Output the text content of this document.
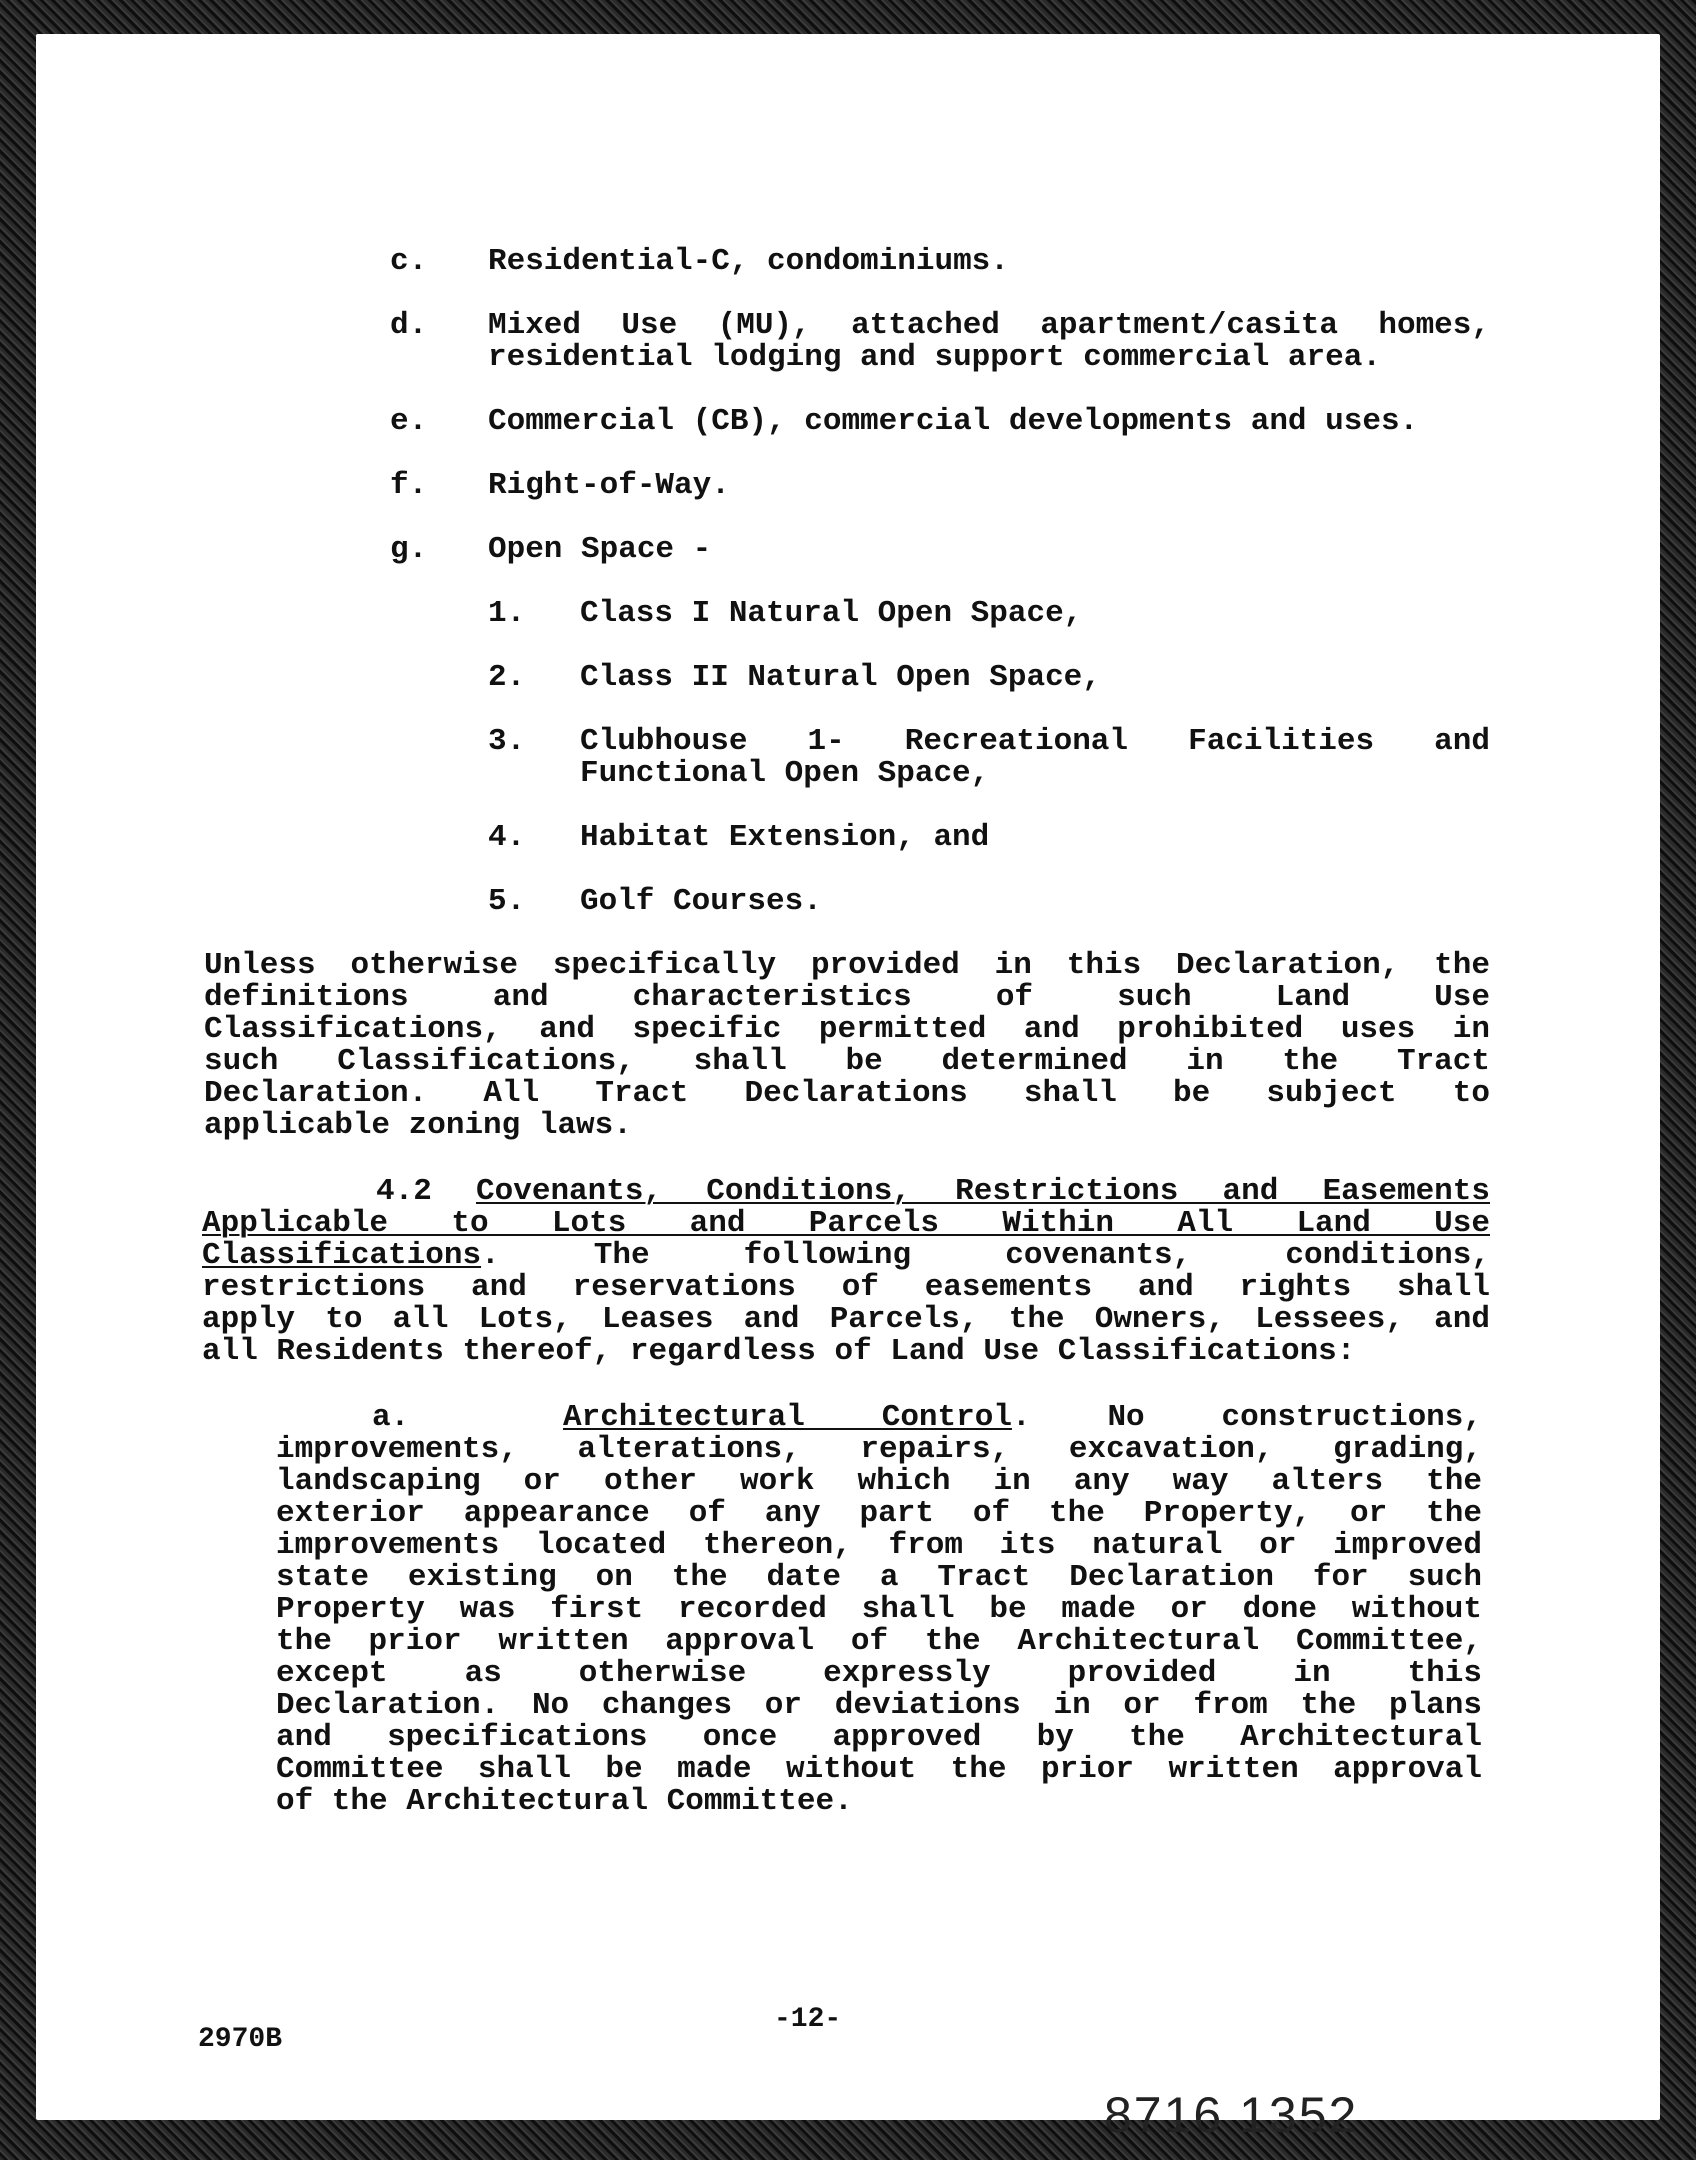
c. Residential-C, condominiums.
d. Mixed Use (MU), attached apartment/casita homes,
residential lodging and support commercial area.
e. Commercial (CB), commercial developments and uses.
f. Right-of-Way.
g. Open Space -
1. Class I Natural Open Space,
2. Class II Natural Open Space,
3. Clubhouse 1- Recreational Facilities and
Functional Open Space,
4. Habitat Extension, and
5. Golf Courses.
Unless otherwise specifically provided in this Declaration, the
definitions and characteristics of such Land Use
Classifications, and specific permitted and prohibited uses in
such Classifications, shall be determined in the Tract
Declaration. All Tract Declarations shall be subject to
applicable zoning laws.
4.2 Covenants, Conditions, Restrictions and Easements
Applicable to Lots and Parcels Within All Land Use
Classifications. The following covenants, conditions,
restrictions and reservations of easements and rights shall
apply to all Lots, Leases and Parcels, the Owners, Lessees, and
all Residents thereof, regardless of Land Use Classifications:
a.	Architectural Control. No constructions,
improvements, alterations, repairs, excavation, grading,
landscaping or other work which in any way alters the
exterior appearance of any part of the Property, or the
improvements located thereon, from its natural or improved
state existing on the date a Tract Declaration for such
Property was first recorded shall be made or done without
the prior written approval of the Architectural Committee,
except as otherwise expressly provided in this
Declaration. No changes or deviations in or from the plans
and specifications once approved by the Architectural
Committee shall be made without the prior written approval
of the Architectural Committee.
-12-
2970B
8716 1352
